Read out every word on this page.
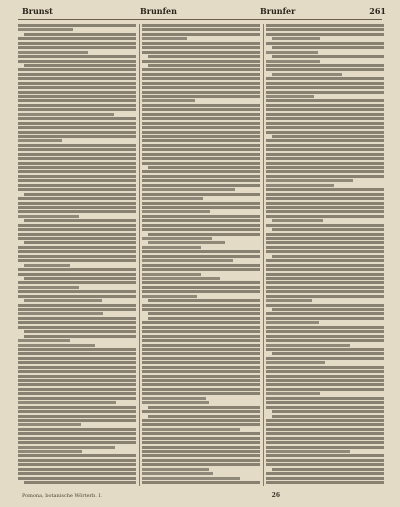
Brunst	Brunfen	Brunfer	261
Pomona, botanische Wörterb. I.	26
